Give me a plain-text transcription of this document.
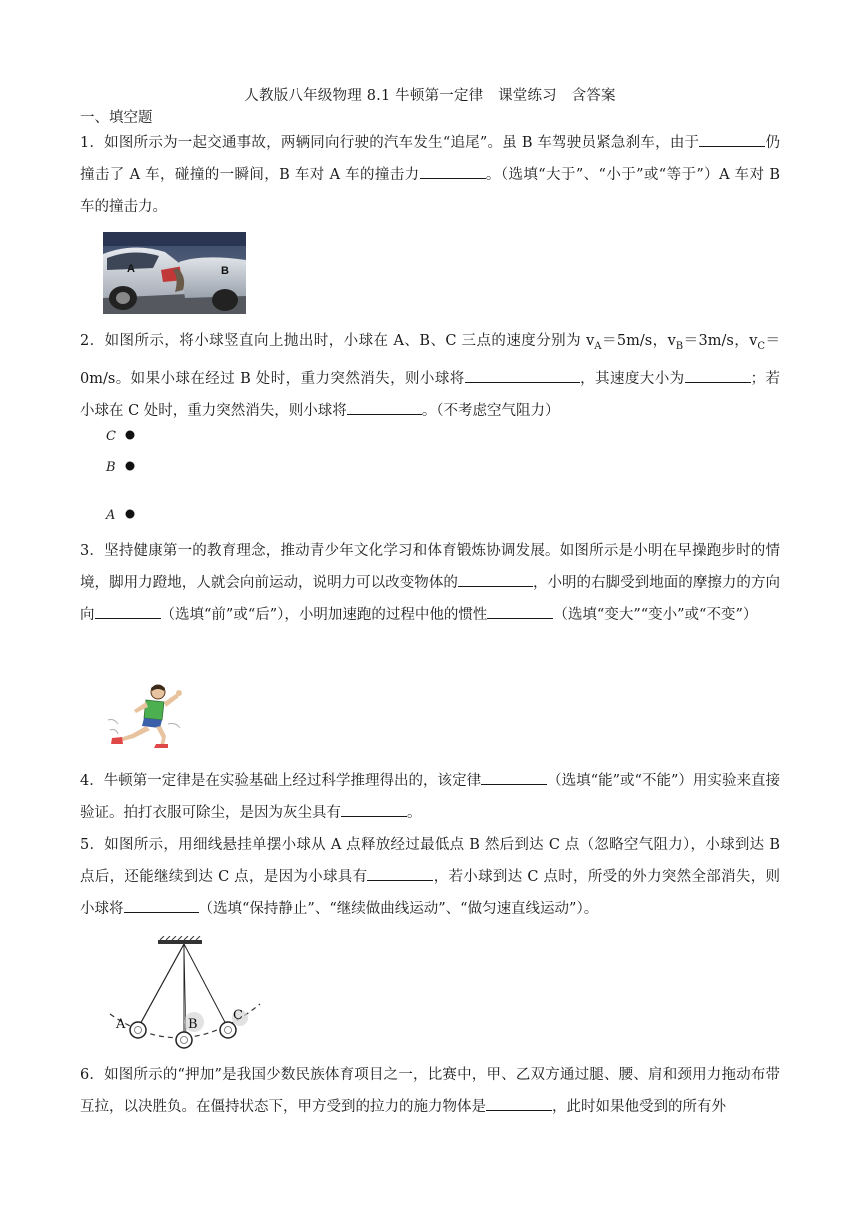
人教版八年级物理 8.1 牛顿第一定律　课堂练习　含答案
一、填空题
1．如图所示为一起交通事故，两辆同向行驶的汽车发生“追尾”。虽 B 车驾驶员紧急刹车，由于	仍撞击了 A 车，碰撞的一瞬间，B 车对 A 车的撞击力	。（选填“大于”、“小于”或“等于”）A 车对 B 车的撞击力。
A	B
2．如图所示，将小球竖直向上抛出时，小球在 A、B、C 三点的速度分别为 $v_A=5m/s$，$v_B=3m/s$，$v_C=0m/s$。如果小球在经过 B 处时，重力突然消失，则小球将	，其速度大小为	；若小球在 C 处时，重力突然消失，则小球将	。（不考虑空气阻力）
C
B
A
3．坚持健康第一的教育理念，推动青少年文化学习和体育锻炼协调发展。如图所示是小明在早操跑步时的情境，脚用力蹬地，人就会向前运动，说明力可以改变物体的	，小明的右脚受到地面的摩擦力的方向向	（选填“前”或“后”），小明加速跑的过程中他的惯性	（选填“变大”“变小”或“不变”）
4．牛顿第一定律是在实验基础上经过科学推理得出的，该定律	（选填“能”或“不能”）用实验来直接验证。拍打衣服可除尘，是因为灰尘具有	。
5．如图所示，用细线悬挂单摆小球从 A 点释放经过最低点 B 然后到达 C 点（忽略空气阻力），小球到达 B 点后，还能继续到达 C 点，是因为小球具有	，若小球到达 C 点时，所受的外力突然全部消失，则小球将	（选填“保持静止”、“继续做曲线运动”、“做匀速直线运动”）。
A	B
C
6．如图所示的“押加”是我国少数民族体育项目之一，比赛中，甲、乙双方通过腿、腰、肩和颈用力拖动布带互拉，以决胜负。在僵持状态下，甲方受到的拉力的施力物体是	，此时如果他受到的所有外
